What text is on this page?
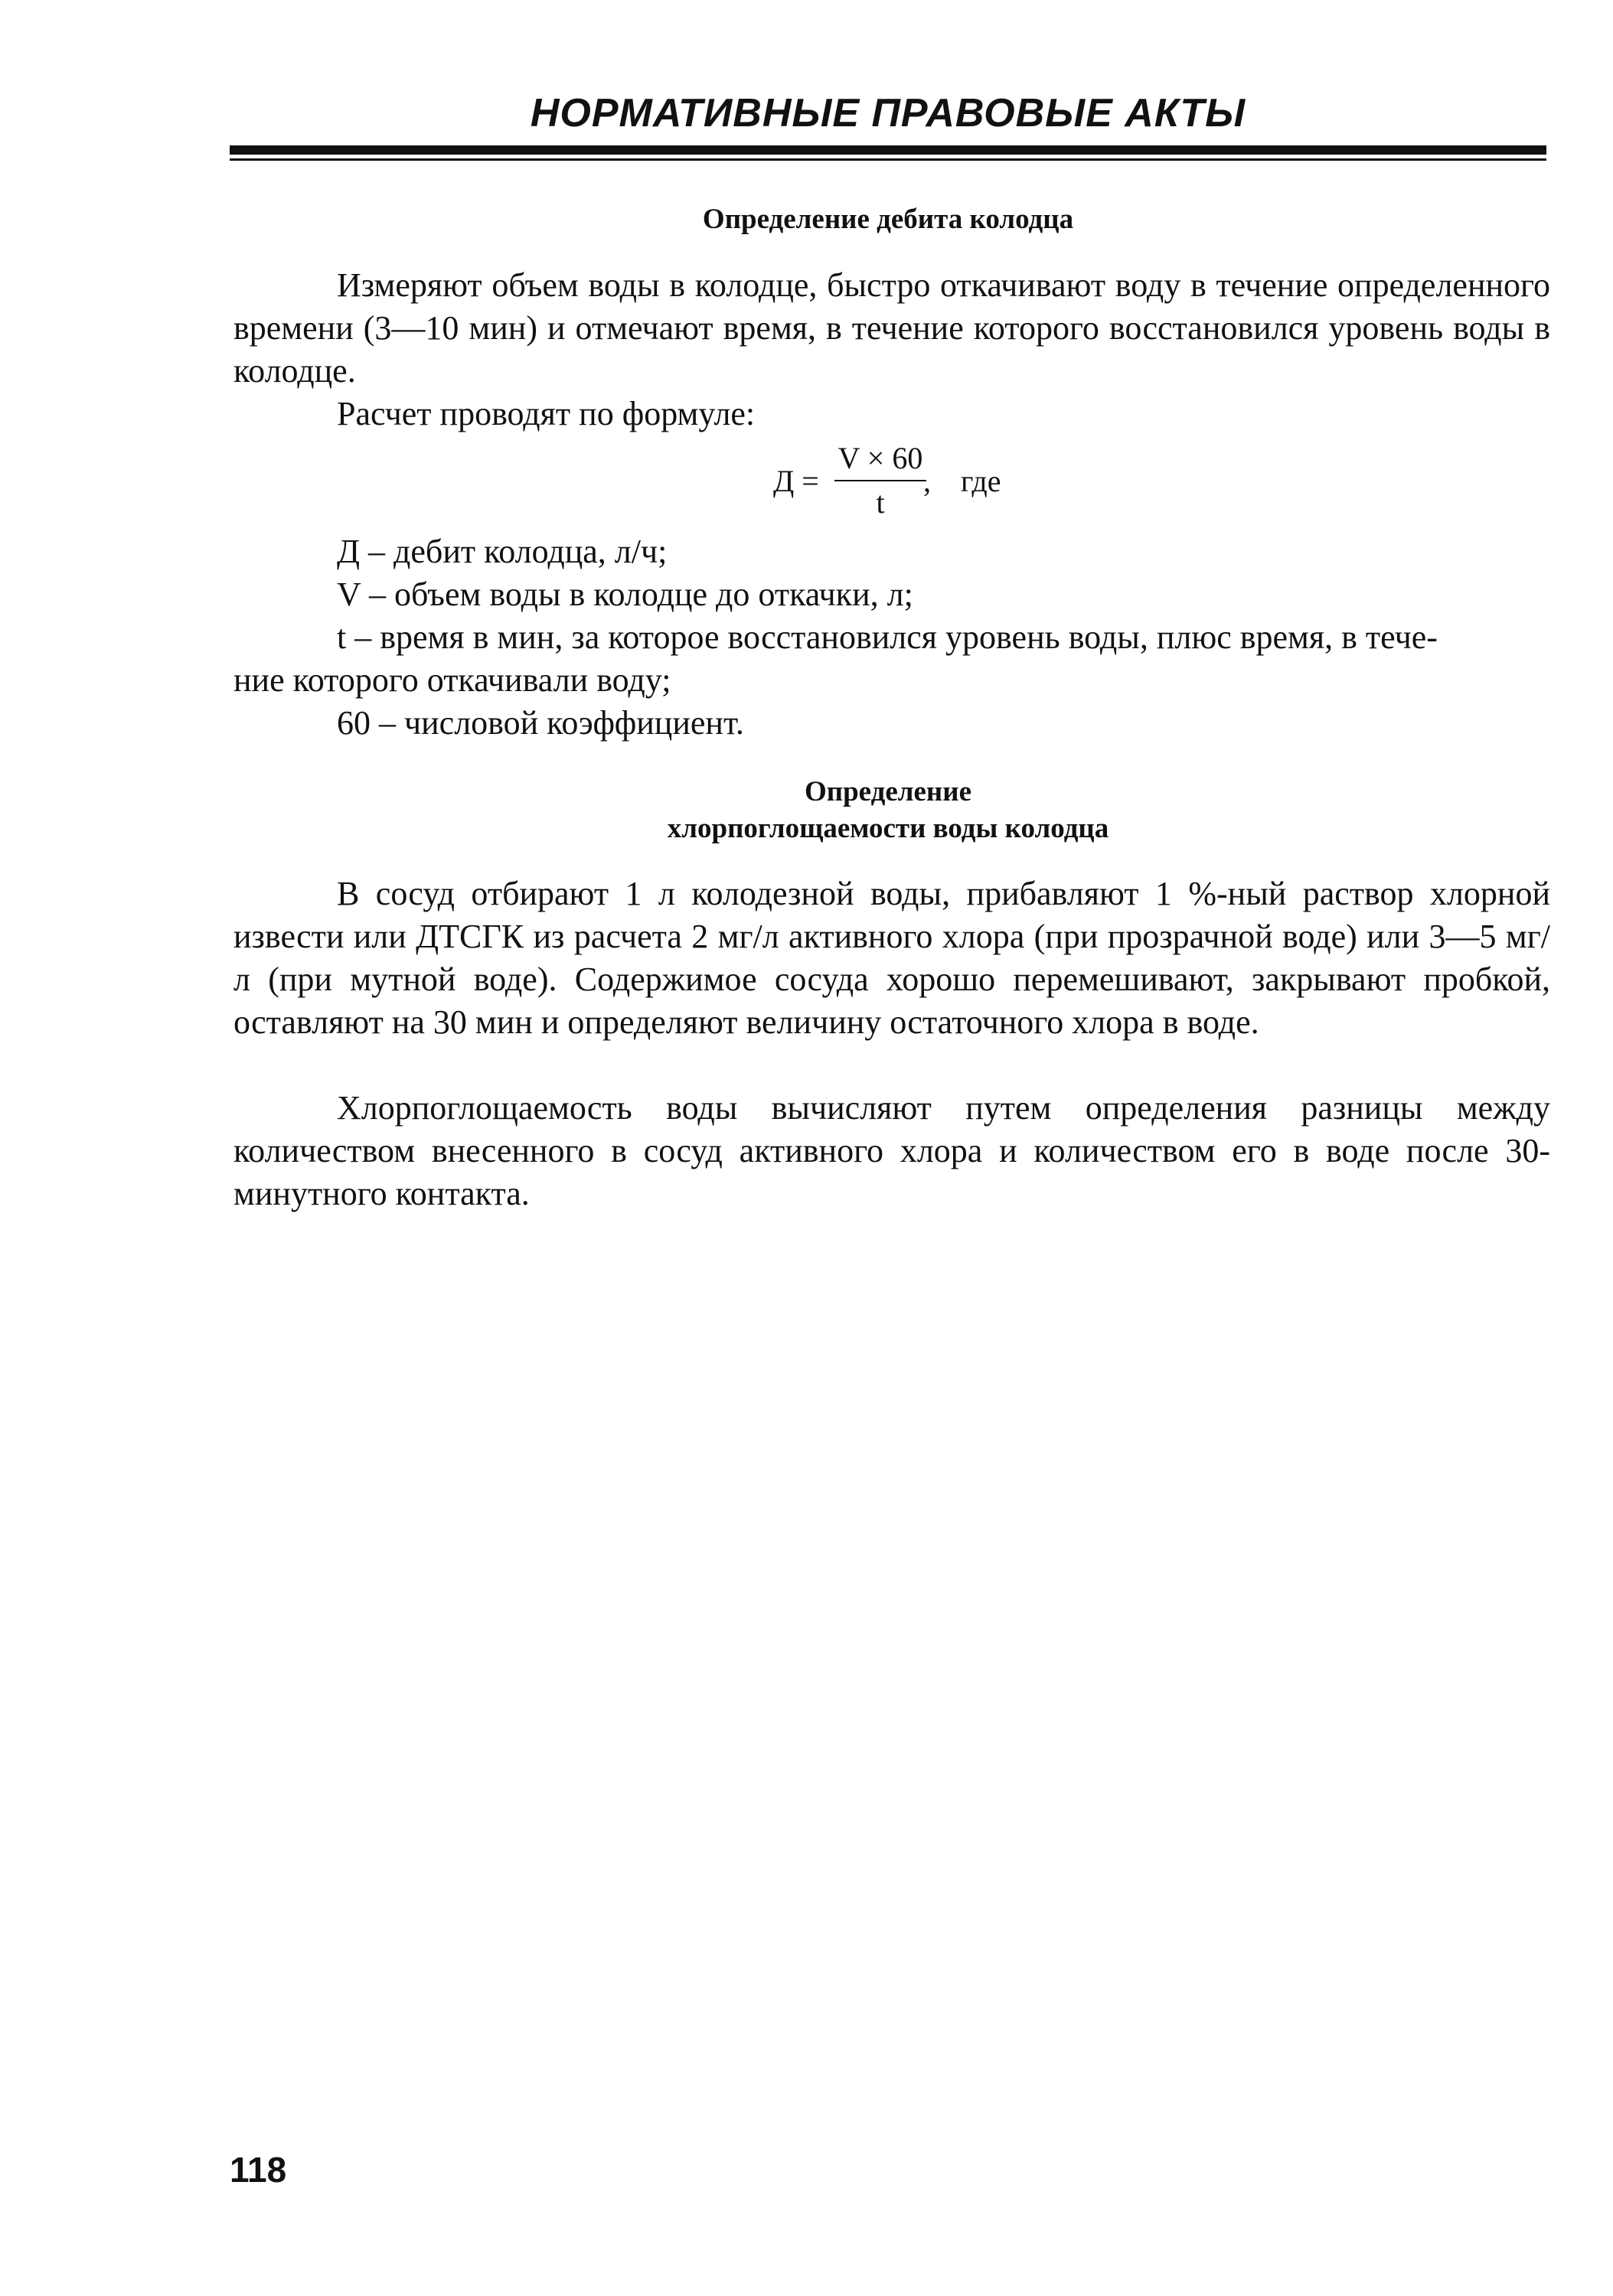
НОРМАТИВНЫЕ ПРАВОВЫЕ АКТЫ
Определение дебита колодца
Измеряют объем воды в колодце, быстро откачивают воду в течение определенного времени (3—10 мин) и отмечают время, в течение которого восстановился уровень воды в колодце.
Расчет проводят по формуле:
Д =
V × 60
t
, где
Д – дебит колодца, л/ч;
V – объем воды в колодце до откачки, л;
t – время в мин, за которое восстановился уровень воды, плюс время, в тече-
ние которого откачивали воду;
60 – числовой коэффициент.
Определение
хлорпоглощаемости воды колодца
В сосуд отбирают 1 л колодезной воды, прибавляют 1 %-ный раствор хлорной извести или ДТСГК из расчета 2 мг/л активного хлора (при прозрачной воде) или 3—5 мг/л (при мутной воде). Содержимое сосуда хорошо перемешивают, закрывают пробкой, оставляют на 30 мин и определяют величину остаточного хлора в воде.
Хлорпоглощаемость воды вычисляют путем определения разницы между количеством внесенного в сосуд активного хлора и количеством его в воде после 30-минутного контакта.
118
